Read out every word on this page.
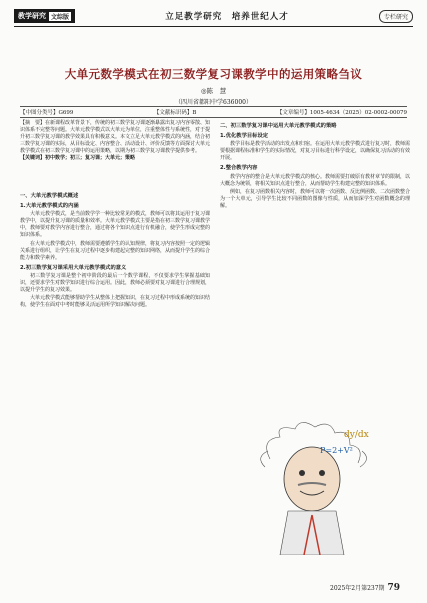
教学研究 文综版	立足教学研究　 培养世纪人才	专栏研究
大单元数学模式在初三数学复习课教学中的运用策略刍议
◎陈　慧
（四川省都阳中学636000）
【中图分类号】G699	【文献标识码】B	【文章编号】1005-4634（2025）02-0002-00079
【摘　要】在新课程改革背景下，传统的初三数学复习课逐渐暴露出复习内容零散、知识体系不完整等问题。大单元教学模式以大单元为单位，注重整体性与系统性，对于提升初三数学复习课的教学效果具有积极意义。本文立足大单元教学模式的内涵，结合初三数学复习课的实际，从目标设定、内容整合、活动设计、评价反馈等方面探讨大单元教学模式在初三数学复习课中的运用策略，以期为初三数学复习课教学提供参考。
【关键词】初中数学；初三；复习课；大单元；策略
一、大单元教学模式概述
1.大单元教学模式的内涵

大单元教学模式，是当前数学学一种比较常见的模式，教师可以将其运用于复习课教学中，以提升复习课的质量和效率。大单元教学模式主要是指在初三数学复习课教学中，教师要对教学内容进行整合，通过将各个知识点进行有机融合，使学生形成完整的知识体系。

在大单元教学模式中，教师需要遵循学生的认知规律，将复习内容按照一定的逻辑关系进行组织，让学生在复习过程中逐步构建起完整的知识网络，从而提升学生的综合能力和数学素养。

2.初三数学复习课采用大单元教学模式的意义

初三数学复习课是整个初中阶段的最后一个数学课程，不仅要求学生掌握基础知识，还要求学生对数学知识进行综合运用。因此，教师必须要对复习课进行合理规划，以提升学生的复习效果。

大单元教学模式能够帮助学生从整体上把握知识，在复习过程中形成系统的知识结构，使学生在面对中考时能够灵活运用所学知识解决问题。

二、初三数学复习课中运用大单元教学模式的策略
1.优化教学目标设定

教学目标是教学活动的出发点和归宿。在运用大单元教学模式进行复习时，教师需要根据课程标准和学生的实际情况，对复习目标进行科学设定，以确保复习活动的有效开展。

2.整合教学内容

教学内容的整合是大单元教学模式的核心。教师需要打破原有教材章节的限制，以大概念为统领，将相关知识点进行整合，从而帮助学生构建完整的知识体系。

例如，在复习函数相关内容时，教师可以将一次函数、反比例函数、二次函数整合为一个大单元，引导学生比较不同函数的图像与性质，从而加深学生对函数概念的理解。

dy/dx
P=2+V²
2025年2月第237期 79
